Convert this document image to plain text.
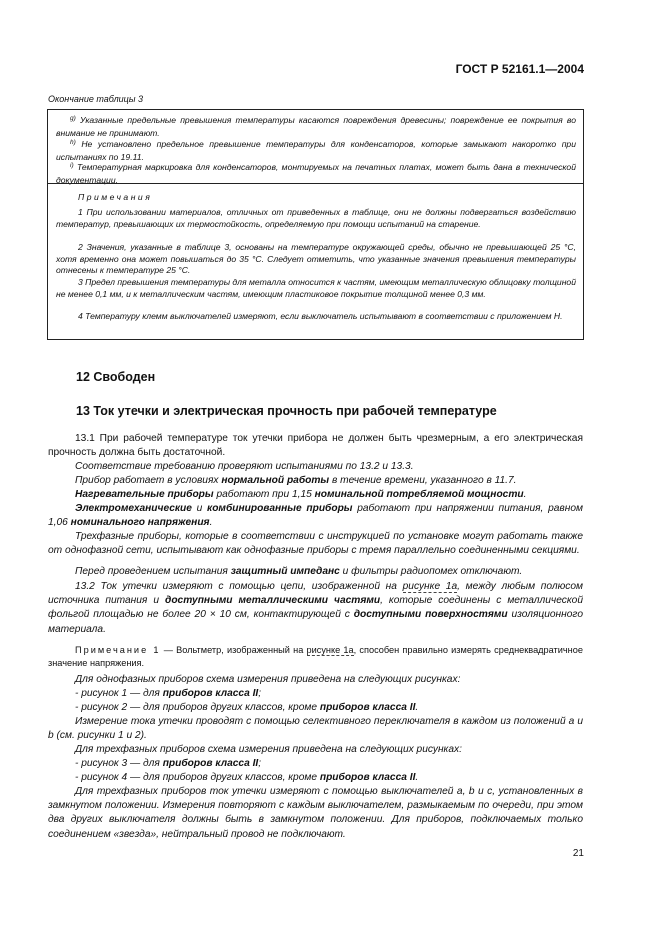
ГОСТ Р 52161.1—2004
Окончание таблицы 3
$^{g)}$ Указанные предельные превышения температуры касаются повреждения древесины; повреждение ее покрытия во внимание не принимают.
$^{h)}$ Не установлено предельное превышение температуры для конденсаторов, которые замыкают накоротко при испытаниях по 19.11.
$^{i)}$ Температурная маркировка для конденсаторов, монтируемых на печатных платах, может быть дана в технической документации.
Примечания
1 При использовании материалов, отличных от приведенных в таблице, они не должны подвергаться воздействию температур, превышающих их термостойкость, определяемую при помощи испытаний на старение.
2 Значения, указанные в таблице 3, основаны на температуре окружающей среды, обычно не превышающей 25 °С, хотя временно она может повышаться до 35 °С. Следует отметить, что указанные значения превышения температуры отнесены к температуре 25 °С.
3 Предел превышения температуры для металла относится к частям, имеющим металлическую облицовку толщиной не менее 0,1 мм, и к металлическим частям, имеющим пластиковое покрытие толщиной менее 0,3 мм.
4 Температуру клемм выключателей измеряют, если выключатель испытывают в соответствии с приложением Н.
12 Свободен
13 Ток утечки и электрическая прочность при рабочей температуре
13.1 При рабочей температуре ток утечки прибора не должен быть чрезмерным, а его электрическая прочность должна быть достаточной.
Соответствие требованию проверяют испытаниями по 13.2 и 13.3.
Прибор работает в условиях нормальной работы в течение времени, указанного в 11.7.
Нагревательные приборы работают при 1,15 номинальной потребляемой мощности.
Электромеханические и комбинированные приборы работают при напряжении питания, равном 1,06 номинального напряжения.
Трехфазные приборы, которые в соответствии с инструкцией по установке могут работать также от однофазной сети, испытывают как однофазные приборы с тремя параллельно соединенными секциями.
Перед проведением испытания защитный импеданс и фильтры радиопомех отключают.
13.2 Ток утечки измеряют с помощью цепи, изображенной на рисунке 1а, между любым полюсом источника питания и доступными металлическими частями, которые соединены с металлической фольгой площадью не более 20 × 10 см, контактирующей с доступными поверхностями изоляционного материала.
Примечание 1 — Вольтметр, изображенный на рисунке 1а, способен правильно измерять среднеквадратичное значение напряжения.
Для однофазных приборов схема измерения приведена на следующих рисунках:
- рисунок 1 — для приборов класса II;
- рисунок 2 — для приборов других классов, кроме приборов класса II.
Измерение тока утечки проводят с помощью селективного переключателя в каждом из положений а и b (см. рисунки 1 и 2).
Для трехфазных приборов схема измерения приведена на следующих рисунках:
- рисунок 3 — для приборов класса II;
- рисунок 4 — для приборов других классов, кроме приборов класса II.
Для трехфазных приборов ток утечки измеряют с помощью выключателей а, b и с, установленных в замкнутом положении. Измерения повторяют с каждым выключателем, размыкаемым по очереди, при этом два других выключателя должны быть в замкнутом положении. Для приборов, подключаемых только соединением «звезда», нейтральный провод не подключают.
21
